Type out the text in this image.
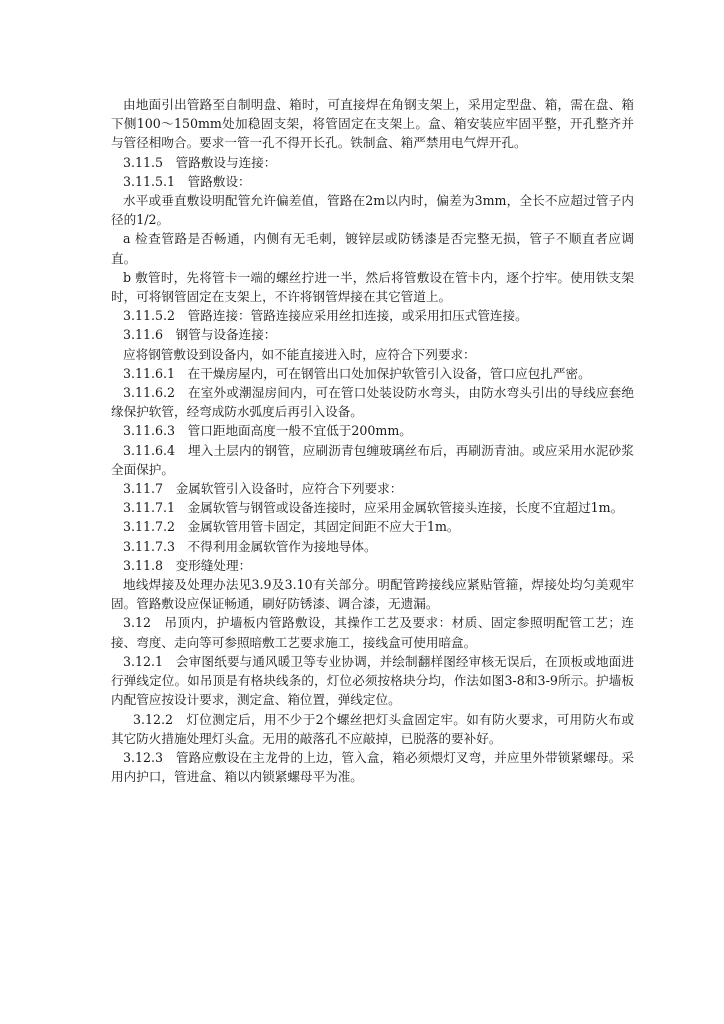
由地面引出管路至自制明盘、箱时，可直接焊在角钢支架上，采用定型盘、箱，需在盘、箱下侧100～150mm处加稳固支架，将管固定在支架上。盒、箱安装应牢固平整，开孔整齐并与管径相吻合。要求一管一孔不得开长孔。铁制盒、箱严禁用电气焊开孔。

3.11.5　管路敷设与连接：

3.11.5.1　管路敷设：

水平或垂直敷设明配管允许偏差值，管路在2m以内时，偏差为3mm，全长不应超过管子内径的1/2。

a 检查管路是否畅通，内侧有无毛刺，镀锌层或防锈漆是否完整无损，管子不顺直者应调直。

b 敷管时，先将管卡一端的螺丝拧进一半，然后将管敷设在管卡内，逐个拧牢。使用铁支架时，可将钢管固定在支架上，不许将钢管焊接在其它管道上。

3.11.5.2　管路连接：管路连接应采用丝扣连接，或采用扣压式管连接。

3.11.6　钢管与设备连接：

应将钢管敷设到设备内，如不能直接进入时，应符合下列要求：

3.11.6.1　在干燥房屋内，可在钢管出口处加保护软管引入设备，管口应包扎严密。

3.11.6.2　在室外或潮湿房间内，可在管口处装设防水弯头，由防水弯头引出的导线应套绝缘保护软管，经弯成防水弧度后再引入设备。

3.11.6.3　管口距地面高度一般不宜低于200mm。

3.11.6.4　埋入土层内的钢管，应刷沥青包缠玻璃丝布后，再刷沥青油。或应采用水泥砂浆全面保护。

3.11.7　金属软管引入设备时，应符合下列要求：

3.11.7.1　金属软管与钢管或设备连接时，应采用金属软管接头连接，长度不宜超过1m。

3.11.7.2　金属软管用管卡固定，其固定间距不应大于1m。

3.11.7.3　不得利用金属软管作为接地导体。

3.11.8　变形缝处理：

地线焊接及处理办法见3.9及3.10有关部分。明配管跨接线应紧贴管箍，焊接处均匀美观牢固。管路敷设应保证畅通，刷好防锈漆、调合漆，无遗漏。

3.12　吊顶内，护墙板内管路敷设，其操作工艺及要求：材质、固定参照明配管工艺；连接、弯度、走向等可参照暗敷工艺要求施工，接线盒可使用暗盒。

3.12.1　会审图纸要与通风暖卫等专业协调，并绘制翻样图经审核无误后，在顶板或地面进行弹线定位。如吊顶是有格块线条的，灯位必须按格块分均，作法如图3-8和3-9所示。护墙板内配管应按设计要求，测定盒、箱位置，弹线定位。

3.12.2　灯位测定后，用不少于2个螺丝把灯头盒固定牢。如有防火要求，可用防火布或其它防火措施处理灯头盒。无用的敲落孔不应敲掉，已脱落的要补好。

3.12.3　管路应敷设在主龙骨的上边，管入盒，箱必须煨灯叉弯，并应里外带锁紧螺母。采用内护口，管进盒、箱以内锁紧螺母平为准。
